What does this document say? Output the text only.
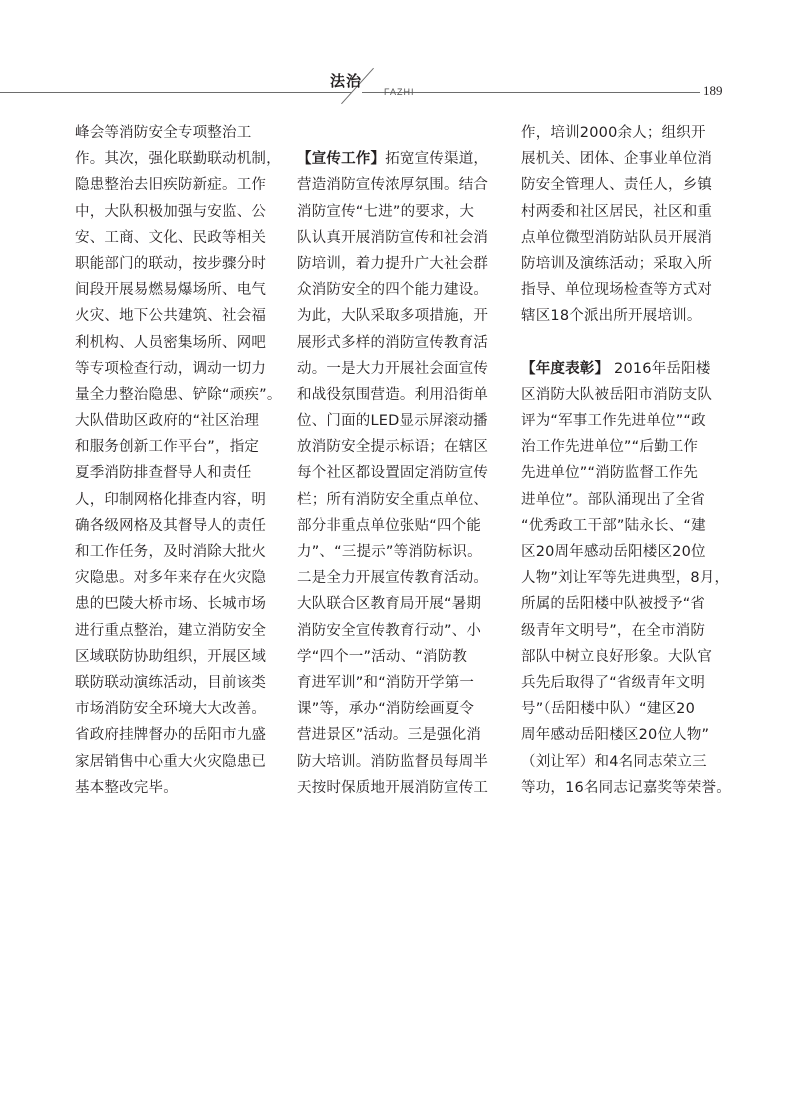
法治
FAZHI	189
峰会等消防安全专项整治工
作。其次，强化联勤联动机制，
隐患整治去旧疾防新症。工作
中，大队积极加强与安监、公
安、工商、文化、民政等相关
职能部门的联动，按步骤分时
间段开展易燃易爆场所、电气
火灾、地下公共建筑、社会福
利机构、人员密集场所、网吧
等专项检查行动，调动一切力
量全力整治隐患、铲除“顽疾”。
大队借助区政府的“社区治理
和服务创新工作平台”，指定
夏季消防排查督导人和责任
人，印制网格化排查内容，明
确各级网格及其督导人的责任
和工作任务，及时消除大批火
灾隐患。对多年来存在火灾隐
患的巴陵大桥市场、长城市场
进行重点整治，建立消防安全
区域联防协助组织，开展区域
联防联动演练活动，目前该类
市场消防安全环境大大改善。
省政府挂牌督办的岳阳市九盛
家居销售中心重大火灾隐患已
基本整改完毕。
【宣传工作】拓宽宣传渠道，
营造消防宣传浓厚氛围。结合
消防宣传“七进”的要求，大
队认真开展消防宣传和社会消
防培训，着力提升广大社会群
众消防安全的四个能力建设。
为此，大队采取多项措施，开
展形式多样的消防宣传教育活
动。一是大力开展社会面宣传
和战役氛围营造。利用沿街单
位、门面的LED显示屏滚动播
放消防安全提示标语；在辖区
每个社区都设置固定消防宣传
栏；所有消防安全重点单位、
部分非重点单位张贴“四个能
力”、“三提示”等消防标识。
二是全力开展宣传教育活动。
大队联合区教育局开展“暑期
消防安全宣传教育行动”、小
学“四个一”活动、“消防教
育进军训”和“消防开学第一
课”等，承办“消防绘画夏令
营进景区”活动。三是强化消
防大培训。消防监督员每周半
天按时保质地开展消防宣传工
作，培训2000余人；组织开
展机关、团体、企事业单位消
防安全管理人、责任人，乡镇
村两委和社区居民，社区和重
点单位微型消防站队员开展消
防培训及演练活动；采取入所
指导、单位现场检查等方式对
辖区18个派出所开展培训。
【年度表彰】 2016年岳阳楼
区消防大队被岳阳市消防支队
评为“军事工作先进单位”“政
治工作先进单位”“后勤工作
先进单位”“消防监督工作先
进单位”。部队涌现出了全省
“优秀政工干部”陆永长、“建
区20周年感动岳阳楼区20位
人物”刘让军等先进典型，8月，
所属的岳阳楼中队被授予“省
级青年文明号”，在全市消防
部队中树立良好形象。大队官
兵先后取得了“省级青年文明
号”（岳阳楼中队）“建区20
周年感动岳阳楼区20位人物”
（刘让军）和4名同志荣立三
等功，16名同志记嘉奖等荣誉。
